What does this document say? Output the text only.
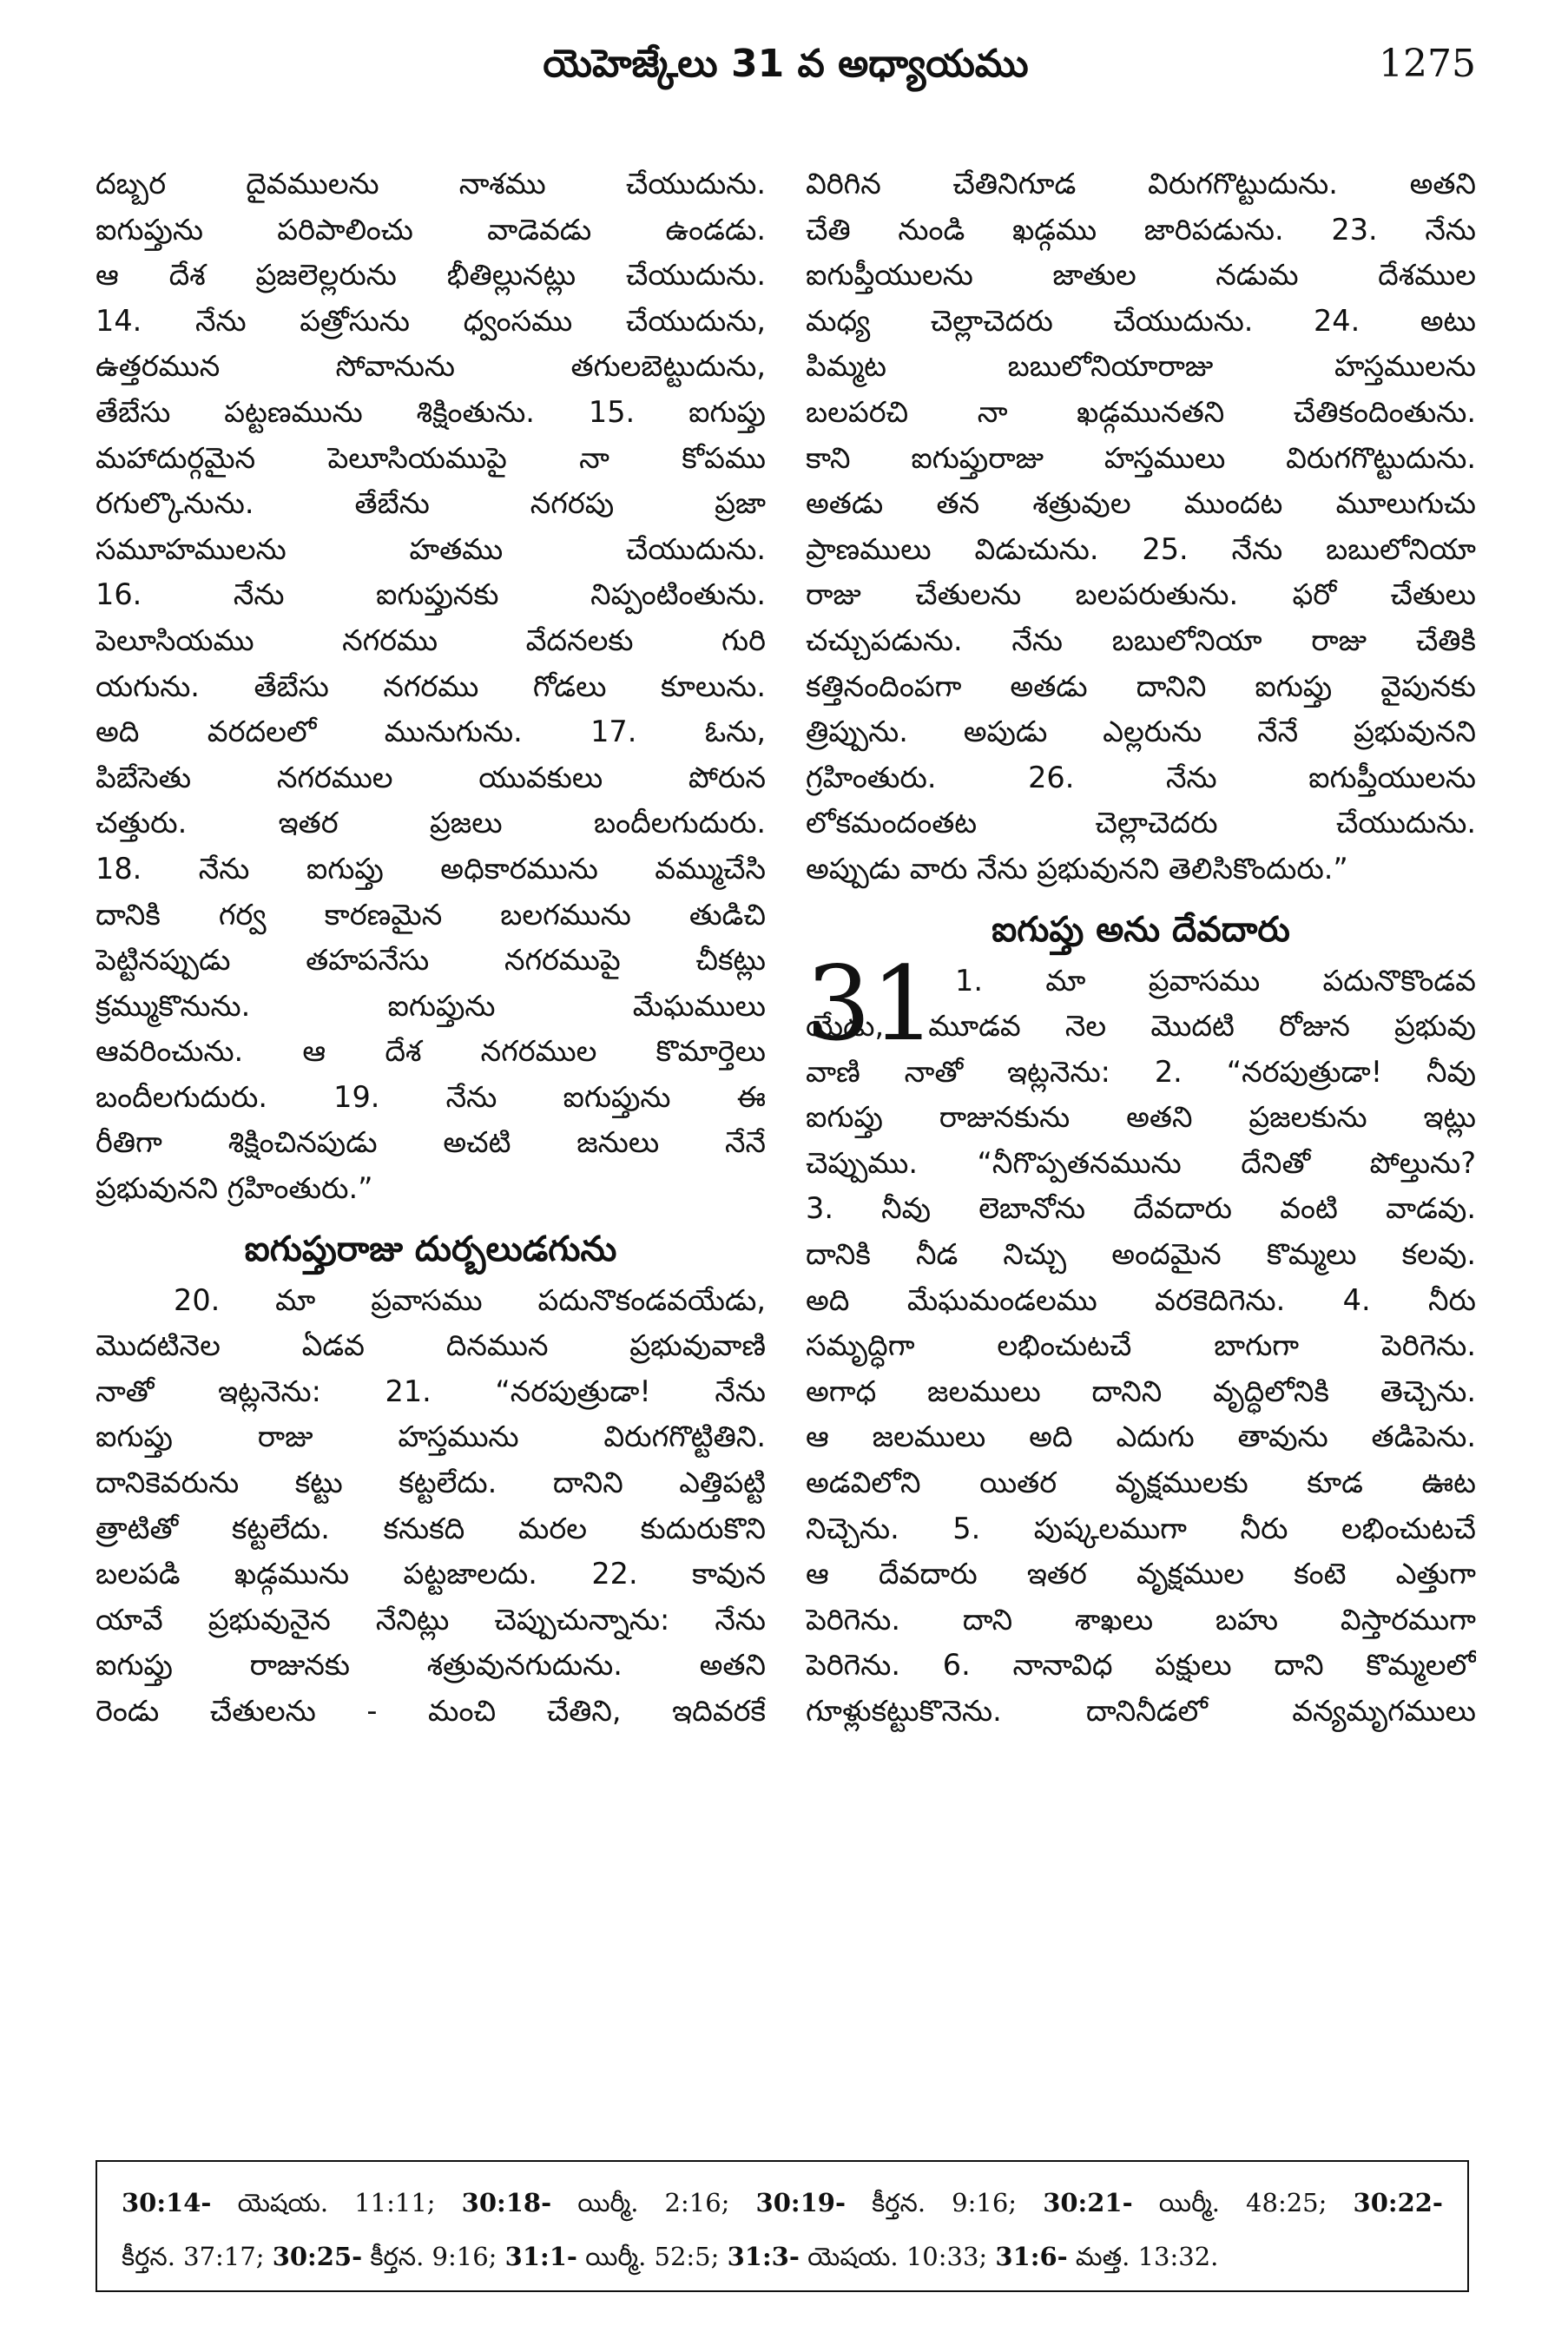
యెహెజ్కేలు 31 వ అధ్యాయము	1275
దబ్బర దైవములను నాశము చేయుదును.
ఐగుప్తును పరిపాలించు వాడెవడు ఉండడు.
ఆ దేశ ప్రజలెల్లరును భీతిల్లునట్లు చేయుదును.
14. నేను పత్రోసును ధ్వంసము చేయుదును,
ఉత్తరమున సోవానును తగులబెట్టుదును,
తేబేసు పట్టణమును శిక్షింతును. 15. ఐగుప్తు
మహాదుర్గమైన పెలూసియముపై నా కోపము
రగుల్కొనును. తేబేను నగరపు ప్రజా
సమూహములను హతము చేయుదును.
16. నేను ఐగుప్తునకు నిప్పంటింతును.
పెలూసియము నగరము వేదనలకు గురి
యగును. తేబేసు నగరము గోడలు కూలును.
అది వరదలలో మునుగును. 17. ఓను,
పిబేసెతు నగరముల యువకులు పోరున
చత్తురు. ఇతర ప్రజలు బందీలగుదురు.
18. నేను ఐగుప్తు అధికారమును వమ్ముచేసి
దానికి గర్వ కారణమైన బలగమును తుడిచి
పెట్టినప్పుడు తహపనేసు నగరముపై చీకట్లు
క్రమ్ముకొనును. ఐగుప్తును మేఘములు
ఆవరించును. ఆ దేశ నగరముల కొమార్తెలు
బందీలగుదురు. 19. నేను ఐగుప్తును ఈ
రీతిగా శిక్షించినపుడు అచటి జనులు నేనే
ప్రభువునని గ్రహింతురు.”
ఐగుప్తురాజు దుర్బలుడగును
20. మా ప్రవాసము పదునొకండవయేడు,
మొదటినెల ఏడవ దినమున ప్రభువువాణి
నాతో ఇట్లనెను: 21. “నరపుత్రుడా! నేను
ఐగుప్తు రాజు హస్తమును విరుగగొట్టితిని.
దానికెవరును కట్టు కట్టలేదు. దానిని ఎత్తిపట్టి
త్రాటితో కట్టలేదు. కనుకది మరల కుదురుకొని
బలపడి ఖడ్గమును పట్టజాలదు. 22. కావున
యావే ప్రభువునైన నేనిట్లు చెప్పుచున్నాను: నేను
ఐగుప్తు రాజునకు శత్రువునగుదును. అతని
రెండు చేతులను - మంచి చేతిని, ఇదివరకే
విరిగిన చేతినిగూడ విరుగగొట్టుదును. అతని
చేతి నుండి ఖడ్గము జారిపడును. 23. నేను
ఐగుప్తీయులను జాతుల నడుమ దేశముల
మధ్య చెల్లాచెదరు చేయుదును. 24. అటు
పిమ్మట బబులోనియారాజు హస్తములను
బలపరచి నా ఖడ్గమునతని చేతికందింతును.
కాని ఐగుప్తురాజు హస్తములు విరుగగొట్టుదును.
అతడు తన శత్రువుల ముందట మూలుగుచు
ప్రాణములు విడుచును. 25. నేను బబులోనియా
రాజు చేతులను బలపరుతును. ఫరో చేతులు
చచ్చుపడును. నేను బబులోనియా రాజు చేతికి
కత్తినందింపగా అతడు దానిని ఐగుప్తు వైపునకు
త్రిప్పును. అపుడు ఎల్లరును నేనే ప్రభువునని
గ్రహింతురు. 26. నేను ఐగుప్తీయులను
లోకమందంతట చెల్లాచెదరు చేయుదును.
అప్పుడు వారు నేను ప్రభువునని తెలిసికొందురు.”
ఐగుప్తు అను దేవదారు
31 1. మా ప్రవాసము పదునొకొండవ
యేడు, మూడవ నెల మొదటి రోజున ప్రభువు
వాణి నాతో ఇట్లనెను: 2. “నరపుత్రుడా! నీవు
ఐగుప్తు రాజునకును అతని ప్రజలకును ఇట్లు
చెప్పుము. “నీగొప్పతనమును దేనితో పోల్తును?
3. నీవు లెబానోను దేవదారు వంటి వాడవు.
దానికి నీడ నిచ్చు అందమైన కొమ్మలు కలవు.
అది మేఘమండలము వరకెదిగెను. 4. నీరు
సమృద్ధిగా లభించుటచే బాగుగా పెరిగెను.
అగాధ జలములు దానిని వృద్ధిలోనికి తెచ్చెను.
ఆ జలములు అది ఎదుగు తావును తడిపెను.
అడవిలోని యితర వృక్షములకు కూడ ఊట
నిచ్చెను. 5. పుష్కలముగా నీరు లభించుటచే
ఆ దేవదారు ఇతర వృక్షముల కంటె ఎత్తుగా
పెరిగెను. దాని శాఖలు బహు విస్తారముగా
పెరిగెను. 6. నానావిధ పక్షులు దాని కొమ్మలలో
గూళ్లుకట్టుకొనెను. దానినీడలో వన్యమృగములు
30:14- యెషయ. 11:11; 30:18- యిర్మీ. 2:16; 30:19- కీర్తన. 9:16; 30:21- యిర్మీ. 48:25; 30:22-
కీర్తన. 37:17; 30:25- కీర్తన. 9:16; 31:1- యిర్మీ. 52:5; 31:3- యెషయ. 10:33; 31:6- మత్త. 13:32.
